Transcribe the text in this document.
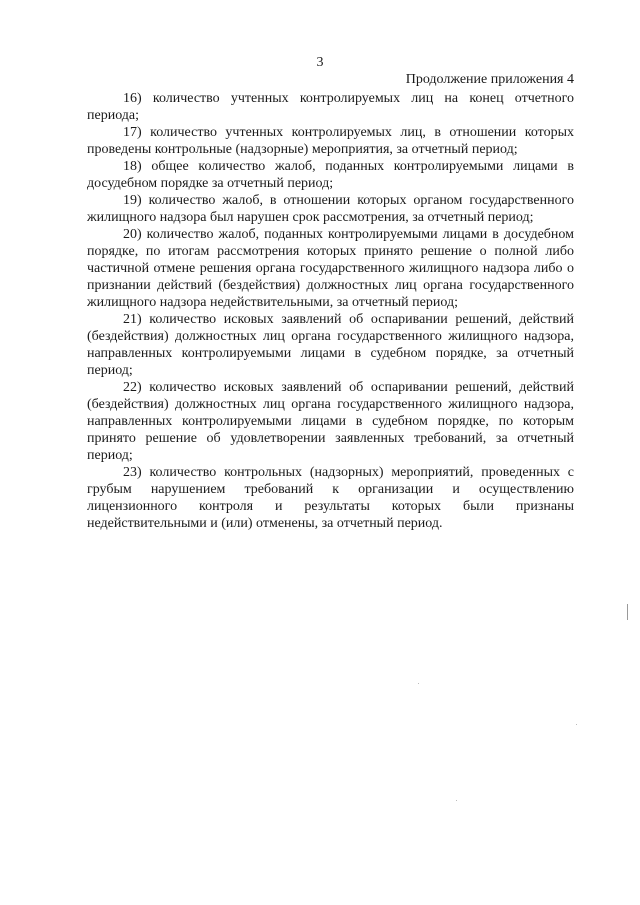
3
Продолжение приложения 4

16) количество учтенных контролируемых лиц на конец отчетного периода;

17) количество учтенных контролируемых лиц, в отношении которых проведены контрольные (надзорные) мероприятия, за отчетный период;

18) общее количество жалоб, поданных контролируемыми лицами в досудебном порядке за отчетный период;

19) количество жалоб, в отношении которых органом государственного жилищного надзора был нарушен срок рассмотрения, за отчетный период;

20) количество жалоб, поданных контролируемыми лицами в досудебном порядке, по итогам рассмотрения которых принято решение о полной либо частичной отмене решения органа государственного жилищного надзора либо о признании действий (бездействия) должностных лиц органа государственного жилищного надзора недействительными, за отчетный период;

21) количество исковых заявлений об оспаривании решений, действий (бездействия) должностных лиц органа государственного жилищного надзора, направленных контролируемыми лицами в судебном порядке, за отчетный период;

22) количество исковых заявлений об оспаривании решений, действий (бездействия) должностных лиц органа государственного жилищного надзора, направленных контролируемыми лицами в судебном порядке, по которым принято решение об удовлетворении заявленных требований, за отчетный период;

23) количество контрольных (надзорных) мероприятий, проведенных с грубым нарушением требований к организации и осуществлению лицензионного контроля и результаты которых были признаны недействительными и (или) отменены, за отчетный период.
